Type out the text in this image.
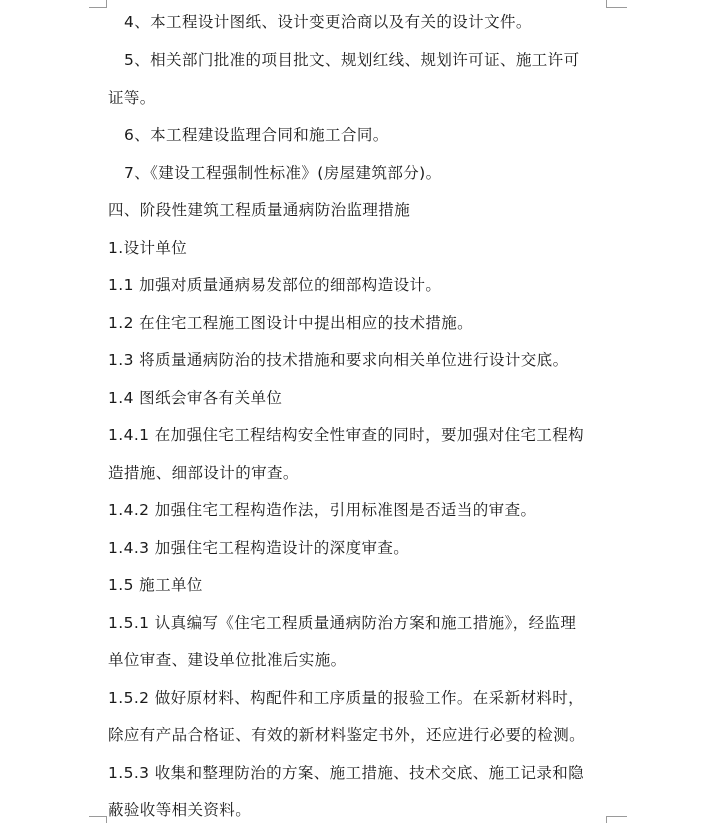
4、本工程设计图纸、设计变更洽商以及有关的设计文件。
5、相关部门批准的项目批文、规划红线、规划许可证、施工许可
证等。
6、本工程建设监理合同和施工合同。
7、《建设工程强制性标准》(房屋建筑部分)。
四、阶段性建筑工程质量通病防治监理措施
1.设计单位
1.1 加强对质量通病易发部位的细部构造设计。
1.2 在住宅工程施工图设计中提出相应的技术措施。
1.3 将质量通病防治的技术措施和要求向相关单位进行设计交底。
1.4 图纸会审各有关单位
1.4.1 在加强住宅工程结构安全性审查的同时，要加强对住宅工程构
造措施、细部设计的审查。
1.4.2 加强住宅工程构造作法，引用标准图是否适当的审查。
1.4.3 加强住宅工程构造设计的深度审查。
1.5 施工单位
1.5.1 认真编写《住宅工程质量通病防治方案和施工措施》，经监理
单位审查、建设单位批准后实施。
1.5.2 做好原材料、构配件和工序质量的报验工作。在采新材料时，
除应有产品合格证、有效的新材料鉴定书外，还应进行必要的检测。
1.5.3 收集和整理防治的方案、施工措施、技术交底、施工记录和隐
蔽验收等相关资料。
